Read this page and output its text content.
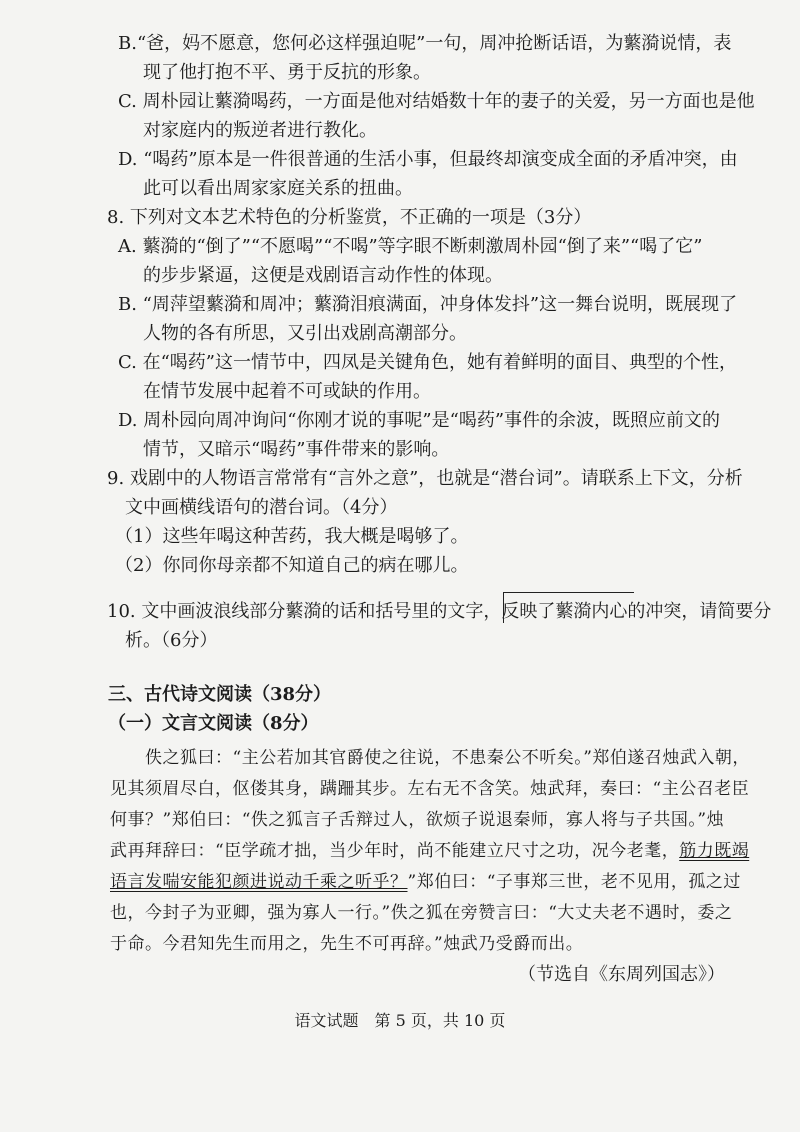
B.“爸，妈不愿意，您何必这样强迫呢”一句，周冲抢断话语，为蘩漪说情，表
现了他打抱不平、勇于反抗的形象。
C. 周朴园让蘩漪喝药，一方面是他对结婚数十年的妻子的关爱，另一方面也是他
对家庭内的叛逆者进行教化。
D. “喝药”原本是一件很普通的生活小事，但最终却演变成全面的矛盾冲突，由
此可以看出周家家庭关系的扭曲。
8. 下列对文本艺术特色的分析鉴赏，不正确的一项是（3分）
A. 蘩漪的“倒了”“不愿喝”“不喝”等字眼不断刺激周朴园“倒了来”“喝了它”
的步步紧逼，这便是戏剧语言动作性的体现。
B. “周萍望蘩漪和周冲；蘩漪泪痕满面，冲身体发抖”这一舞台说明，既展现了
人物的各有所思，又引出戏剧高潮部分。
C. 在“喝药”这一情节中，四凤是关键角色，她有着鲜明的面目、典型的个性，
在情节发展中起着不可或缺的作用。
D. 周朴园向周冲询问“你刚才说的事呢”是“喝药”事件的余波，既照应前文的
情节，又暗示“喝药”事件带来的影响。
9. 戏剧中的人物语言常常有“言外之意”，也就是“潜台词”。请联系上下文，分析
文中画横线语句的潜台词。（4分）
（1）这些年喝这种苦药，我大概是喝够了。
（2）你同你母亲都不知道自己的病在哪儿。
10. 文中画波浪线部分蘩漪的话和括号里的文字，反映了蘩漪内心的冲突，请简要分
析。（6分）
三、古代诗文阅读（38分）
（一）文言文阅读（8分）
佚之狐曰：“主公若加其官爵使之往说，不患秦公不听矣。”郑伯遂召烛武入朝，
见其须眉尽白，伛偻其身，蹒跚其步。左右无不含笑。烛武拜，奏曰：“主公召老臣
何事？”郑伯曰：“佚之狐言子舌辩过人，欲烦子说退秦师，寡人将与子共国。”烛
武再拜辞曰：“臣学疏才拙，当少年时，尚不能建立尺寸之功，况今老耄，筋力既竭
语言发喘安能犯颜进说动千乘之听乎？”郑伯曰：“子事郑三世，老不见用，孤之过
也，今封子为亚卿，强为寡人一行。”佚之狐在旁赞言曰：“大丈夫老不遇时，委之
于命。今君知先生而用之，先生不可再辞。”烛武乃受爵而出。
（节选自《东周列国志》）
语文试题　第 5 页，共 10 页
